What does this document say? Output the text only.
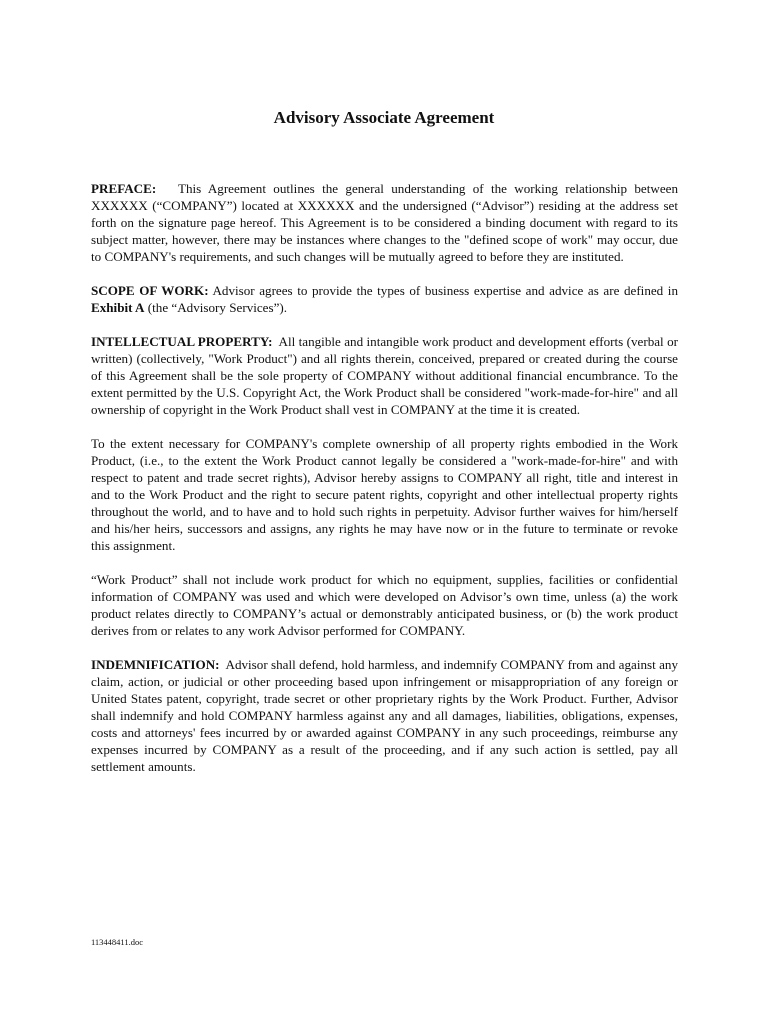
Advisory Associate Agreement

PREFACE: This Agreement outlines the general understanding of the working relationship between XXXXXX (“COMPANY”) located at XXXXXX and the undersigned (“Advisor”) residing at the address set forth on the signature page hereof. This Agreement is to be considered a binding document with regard to its subject matter, however, there may be instances where changes to the "defined scope of work" may occur, due to COMPANY's requirements, and such changes will be mutually agreed to before they are instituted.

SCOPE OF WORK: Advisor agrees to provide the types of business expertise and advice as are defined in Exhibit A (the “Advisory Services”).

INTELLECTUAL PROPERTY: All tangible and intangible work product and development efforts (verbal or written) (collectively, "Work Product") and all rights therein, conceived, prepared or created during the course of this Agreement shall be the sole property of COMPANY without additional financial encumbrance. To the extent permitted by the U.S. Copyright Act, the Work Product shall be considered "work-made-for-hire" and all ownership of copyright in the Work Product shall vest in COMPANY at the time it is created.

To the extent necessary for COMPANY's complete ownership of all property rights embodied in the Work Product, (i.e., to the extent the Work Product cannot legally be considered a "work-made-for-hire" and with respect to patent and trade secret rights), Advisor hereby assigns to COMPANY all right, title and interest in and to the Work Product and the right to secure patent rights, copyright and other intellectual property rights throughout the world, and to have and to hold such rights in perpetuity. Advisor further waives for him/herself and his/her heirs, successors and assigns, any rights he may have now or in the future to terminate or revoke this assignment.

“Work Product” shall not include work product for which no equipment, supplies, facilities or confidential information of COMPANY was used and which were developed on Advisor’s own time, unless (a) the work product relates directly to COMPANY’s actual or demonstrably anticipated business, or (b) the work product derives from or relates to any work Advisor performed for COMPANY.

INDEMNIFICATION: Advisor shall defend, hold harmless, and indemnify COMPANY from and against any claim, action, or judicial or other proceeding based upon infringement or misappropriation of any foreign or United States patent, copyright, trade secret or other proprietary rights by the Work Product. Further, Advisor shall indemnify and hold COMPANY harmless against any and all damages, liabilities, obligations, expenses, costs and attorneys' fees incurred by or awarded against COMPANY in any such proceedings, reimburse any expenses incurred by COMPANY as a result of the proceeding, and if any such action is settled, pay all settlement amounts.

113448411.doc
